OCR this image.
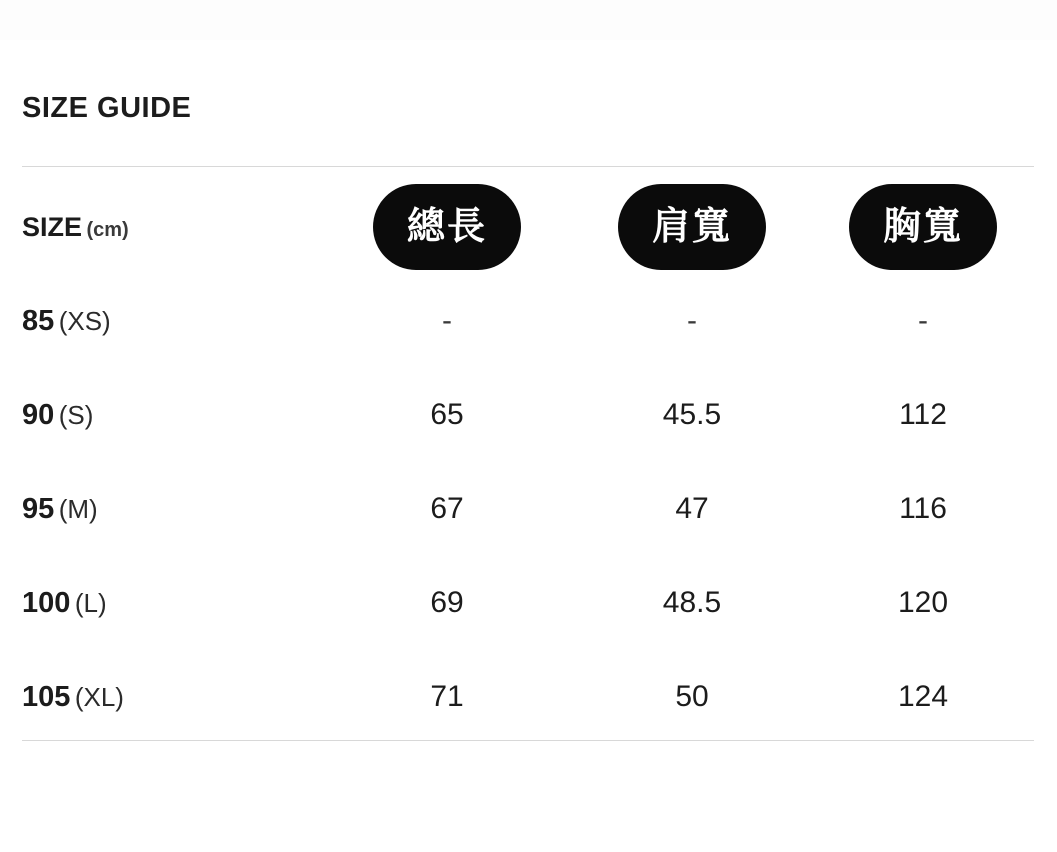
SIZE GUIDE
SIZE (cm)	總長	肩寬	胸寬
85 (XS)	-	-	-
90 (S)	65	45.5	112
95 (M)	67	47	116
100 (L)	69	48.5	120
105 (XL)	71	50	124
